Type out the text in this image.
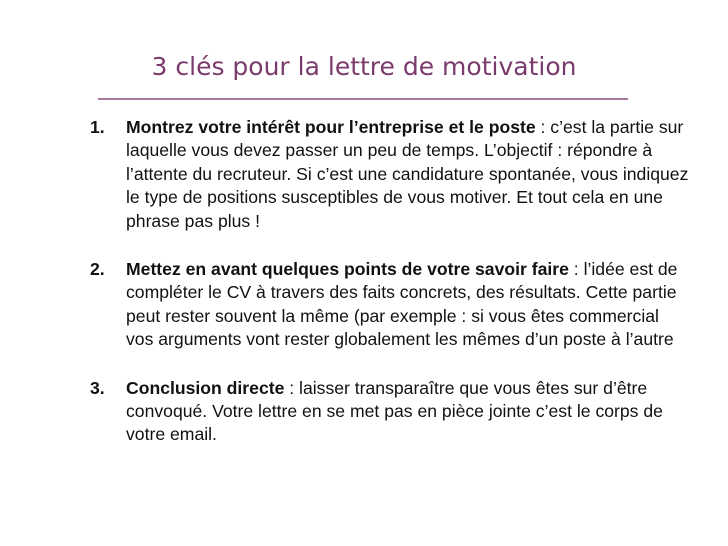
3 clés pour la lettre de motivation
1. Montrez votre intérêt pour l’entreprise et le poste : c’est la partie sur laquelle vous devez passer un peu de temps. L’objectif : répondre à l’attente du recruteur. Si c’est une candidature spontanée, vous indiquez le type de positions susceptibles de vous motiver. Et tout cela en une phrase pas plus !
2. Mettez en avant quelques points de votre savoir faire : l’idée est de compléter le CV à travers des faits concrets, des résultats. Cette partie peut rester souvent la même (par exemple : si vous êtes commercial vos arguments vont rester globalement les mêmes d’un poste à l’autre
3. Conclusion directe : laisser transparaître que vous êtes sur d’être convoqué. Votre lettre en se met pas en pièce jointe c’est le corps de votre email.
